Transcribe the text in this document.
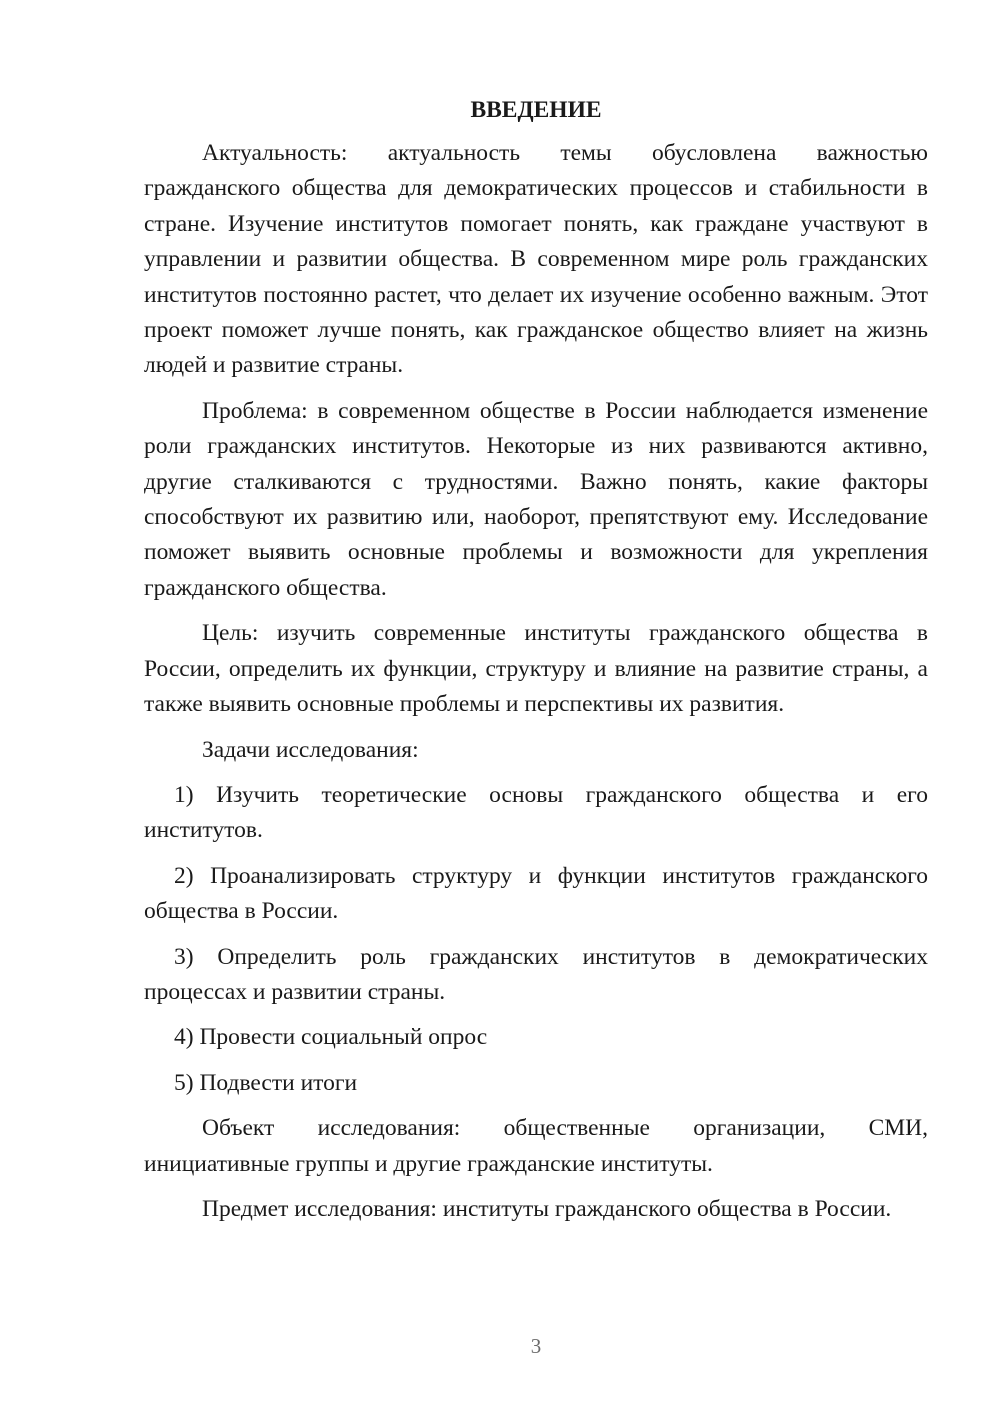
ВВЕДЕНИЕ

Актуальность: актуальность темы обусловлена важностью гражданского общества для демократических процессов и стабильности в стране. Изучение институтов помогает понять, как граждане участвуют в управлении и развитии общества. В современном мире роль гражданских институтов постоянно растет, что делает их изучение особенно важным. Этот проект поможет лучше понять, как гражданское общество влияет на жизнь людей и развитие страны.

Проблема: в современном обществе в России наблюдается изменение роли гражданских институтов. Некоторые из них развиваются активно, другие сталкиваются с трудностями. Важно понять, какие факторы способствуют их развитию или, наоборот, препятствуют ему. Исследование поможет выявить основные проблемы и возможности для укрепления гражданского общества.

Цель: изучить современные институты гражданского общества в России, определить их функции, структуру и влияние на развитие страны, а также выявить основные проблемы и перспективы их развития.

Задачи исследования:

1) Изучить теоретические основы гражданского общества и его институтов.

2) Проанализировать структуру и функции институтов гражданского общества в России.

3) Определить роль гражданских институтов в демократических процессах и развитии страны.

4) Провести социальный опрос

5) Подвести итоги

Объект исследования: общественные организации, СМИ, инициативные группы и другие гражданские институты.

Предмет исследования: институты гражданского общества в России.

3
